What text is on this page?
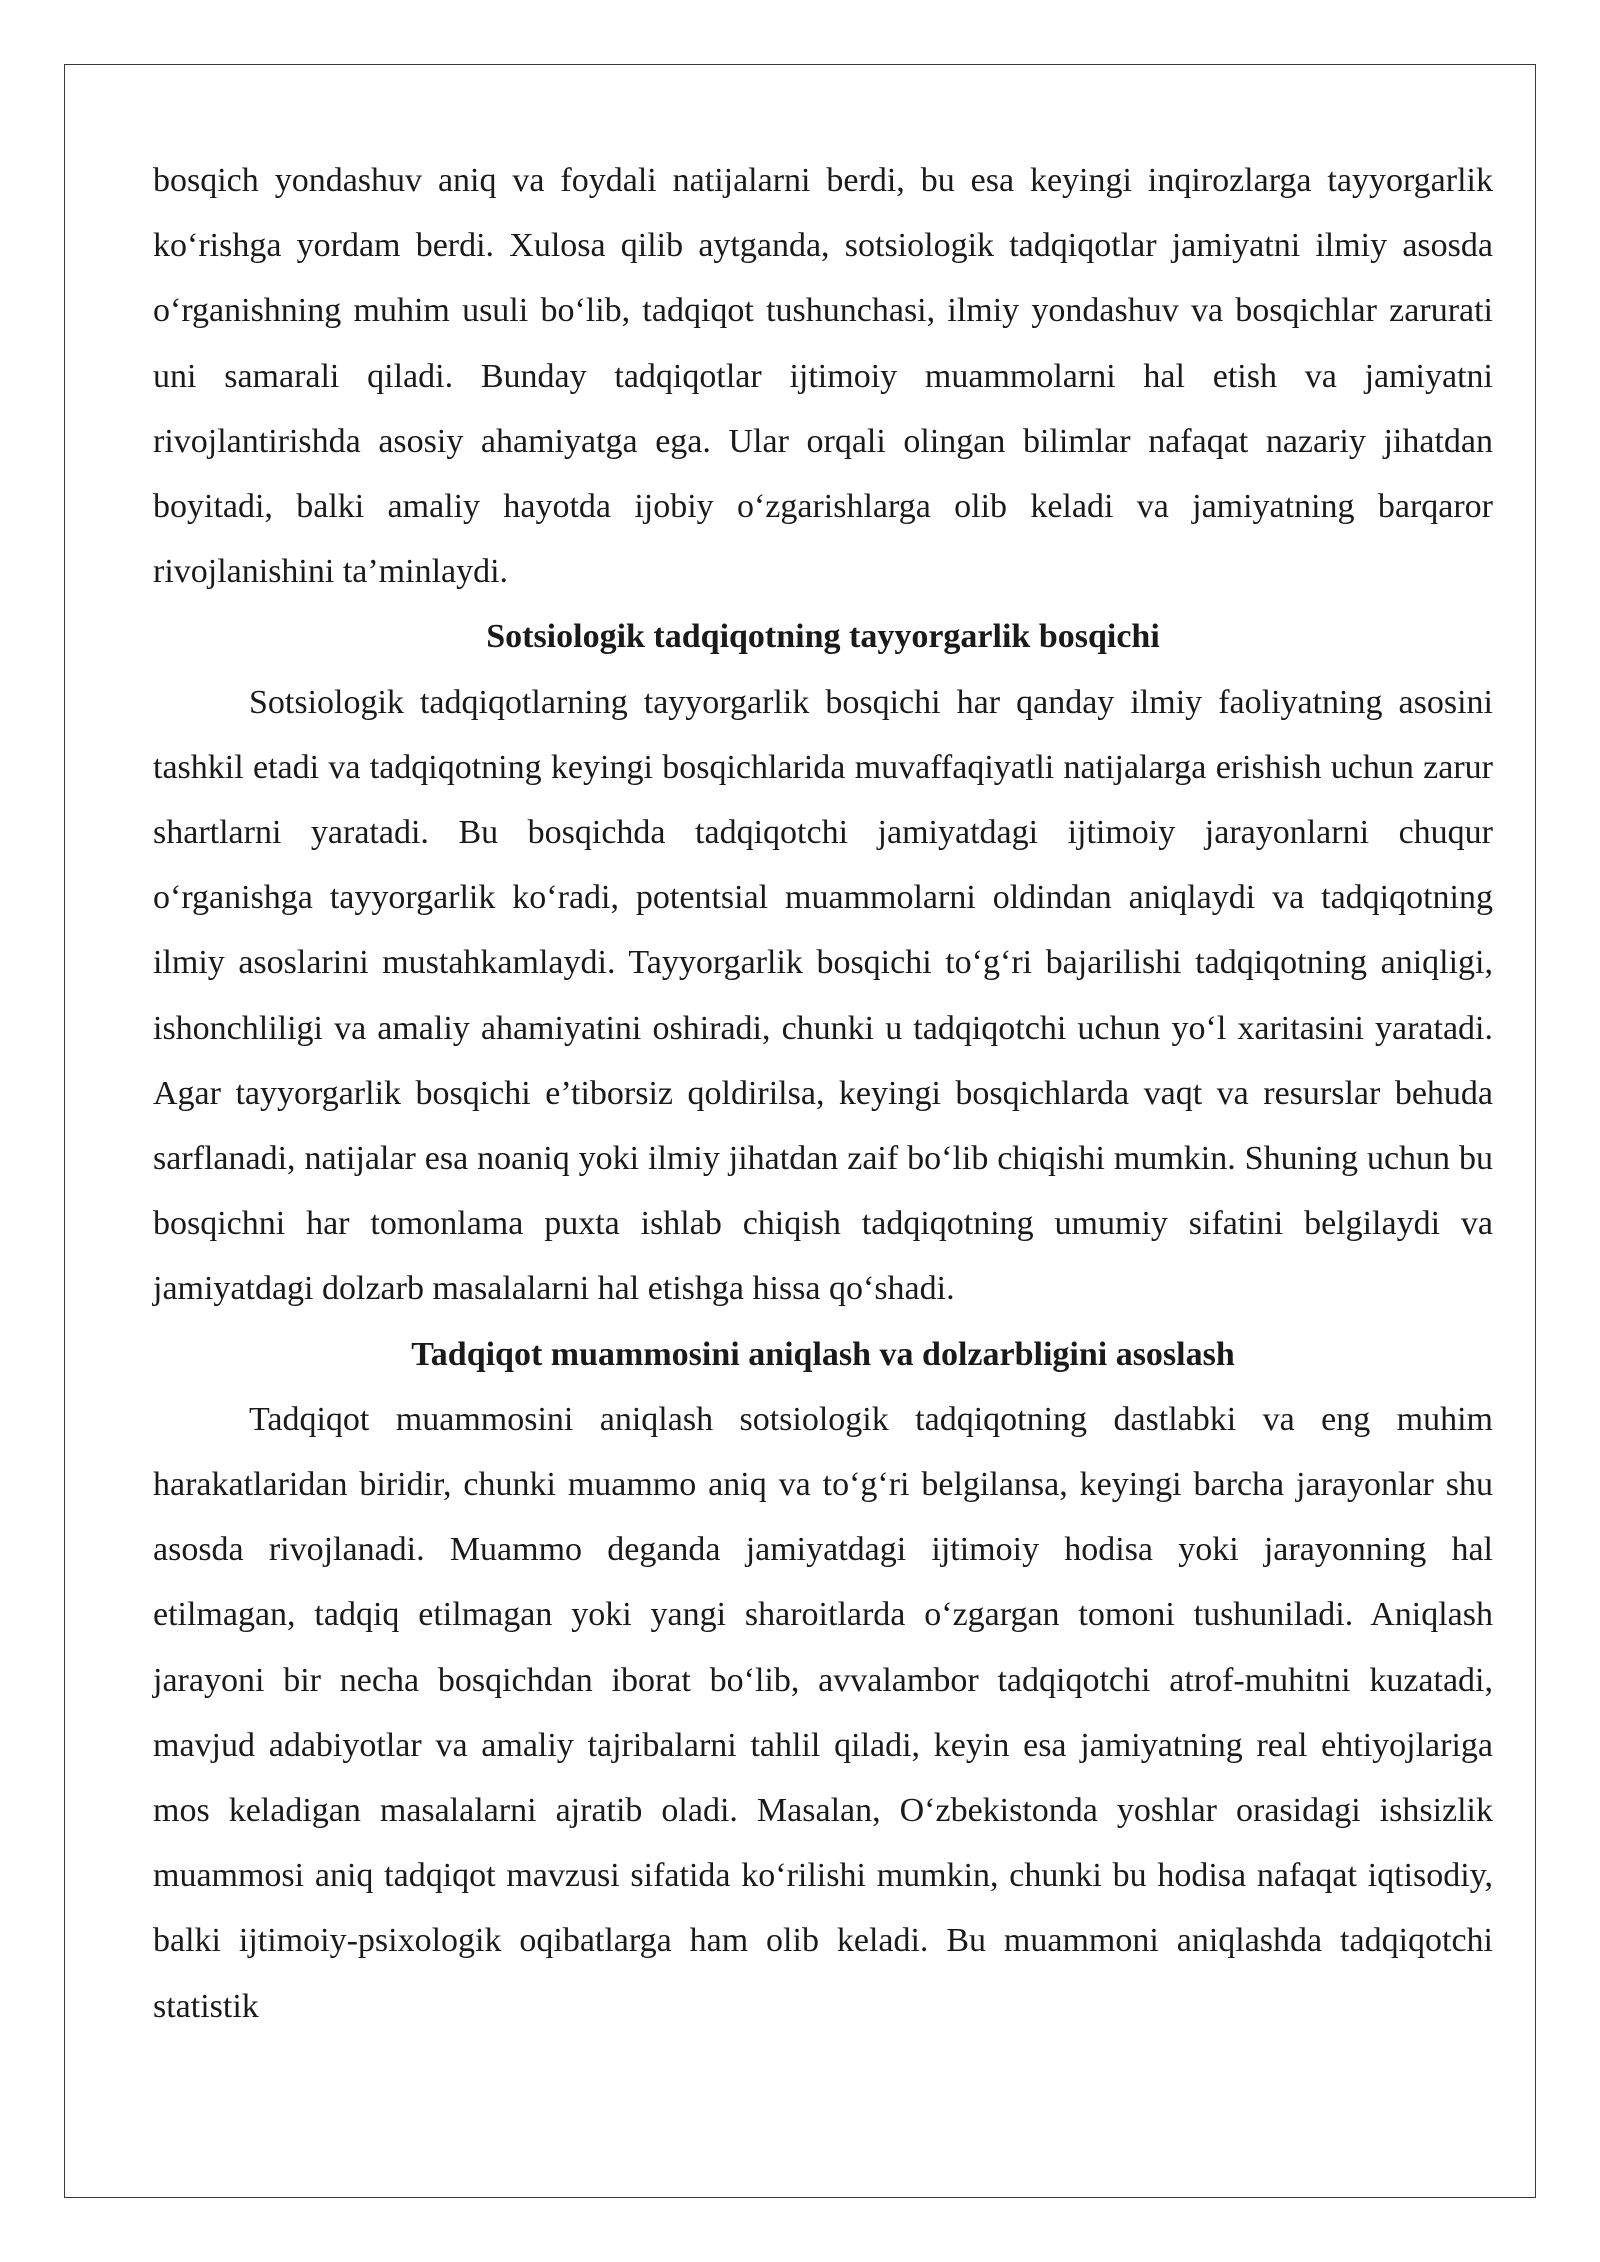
bosqich yondashuv aniq va foydali natijalarni berdi, bu esa keyingi inqirozlarga tayyorgarlik ko‘rishga yordam berdi. Xulosa qilib aytganda, sotsiologik tadqiqotlar jamiyatni ilmiy asosda o‘rganishning muhim usuli bo‘lib, tadqiqot tushunchasi, ilmiy yondashuv va bosqichlar zarurati uni samarali qiladi. Bunday tadqiqotlar ijtimoiy muammolarni hal etish va jamiyatni rivojlantirishda asosiy ahamiyatga ega. Ular orqali olingan bilimlar nafaqat nazariy jihatdan boyitadi, balki amaliy hayotda ijobiy o‘zgarishlarga olib keladi va jamiyatning barqaror rivojlanishini ta’minlaydi.

Sotsiologik tadqiqotning tayyorgarlik bosqichi

Sotsiologik tadqiqotlarning tayyorgarlik bosqichi har qanday ilmiy faoliyatning asosini tashkil etadi va tadqiqotning keyingi bosqichlarida muvaffaqiyatli natijalarga erishish uchun zarur shartlarni yaratadi. Bu bosqichda tadqiqotchi jamiyatdagi ijtimoiy jarayonlarni chuqur o‘rganishga tayyorgarlik ko‘radi, potentsial muammolarni oldindan aniqlaydi va tadqiqotning ilmiy asoslarini mustahkamlaydi. Tayyorgarlik bosqichi to‘g‘ri bajarilishi tadqiqotning aniqligi, ishonchliligi va amaliy ahamiyatini oshiradi, chunki u tadqiqotchi uchun yo‘l xaritasini yaratadi. Agar tayyorgarlik bosqichi e’tiborsiz qoldirilsa, keyingi bosqichlarda vaqt va resurslar behuda sarflanadi, natijalar esa noaniq yoki ilmiy jihatdan zaif bo‘lib chiqishi mumkin. Shuning uchun bu bosqichni har tomonlama puxta ishlab chiqish tadqiqotning umumiy sifatini belgilaydi va jamiyatdagi dolzarb masalalarni hal etishga hissa qo‘shadi.

Tadqiqot muammosini aniqlash va dolzarbligini asoslash

Tadqiqot muammosini aniqlash sotsiologik tadqiqotning dastlabki va eng muhim harakatlaridan biridir, chunki muammo aniq va to‘g‘ri belgilansa, keyingi barcha jarayonlar shu asosda rivojlanadi. Muammo deganda jamiyatdagi ijtimoiy hodisa yoki jarayonning hal etilmagan, tadqiq etilmagan yoki yangi sharoitlarda o‘zgargan tomoni tushuniladi. Aniqlash jarayoni bir necha bosqichdan iborat bo‘lib, avvalambor tadqiqotchi atrof-muhitni kuzatadi, mavjud adabiyotlar va amaliy tajribalarni tahlil qiladi, keyin esa jamiyatning real ehtiyojlariga mos keladigan masalalarni ajratib oladi. Masalan, O‘zbekistonda yoshlar orasidagi ishsizlik muammosi aniq tadqiqot mavzusi sifatida ko‘rilishi mumkin, chunki bu hodisa nafaqat iqtisodiy, balki ijtimoiy-psixologik oqibatlarga ham olib keladi. Bu muammoni aniqlashda tadqiqotchi statistik
